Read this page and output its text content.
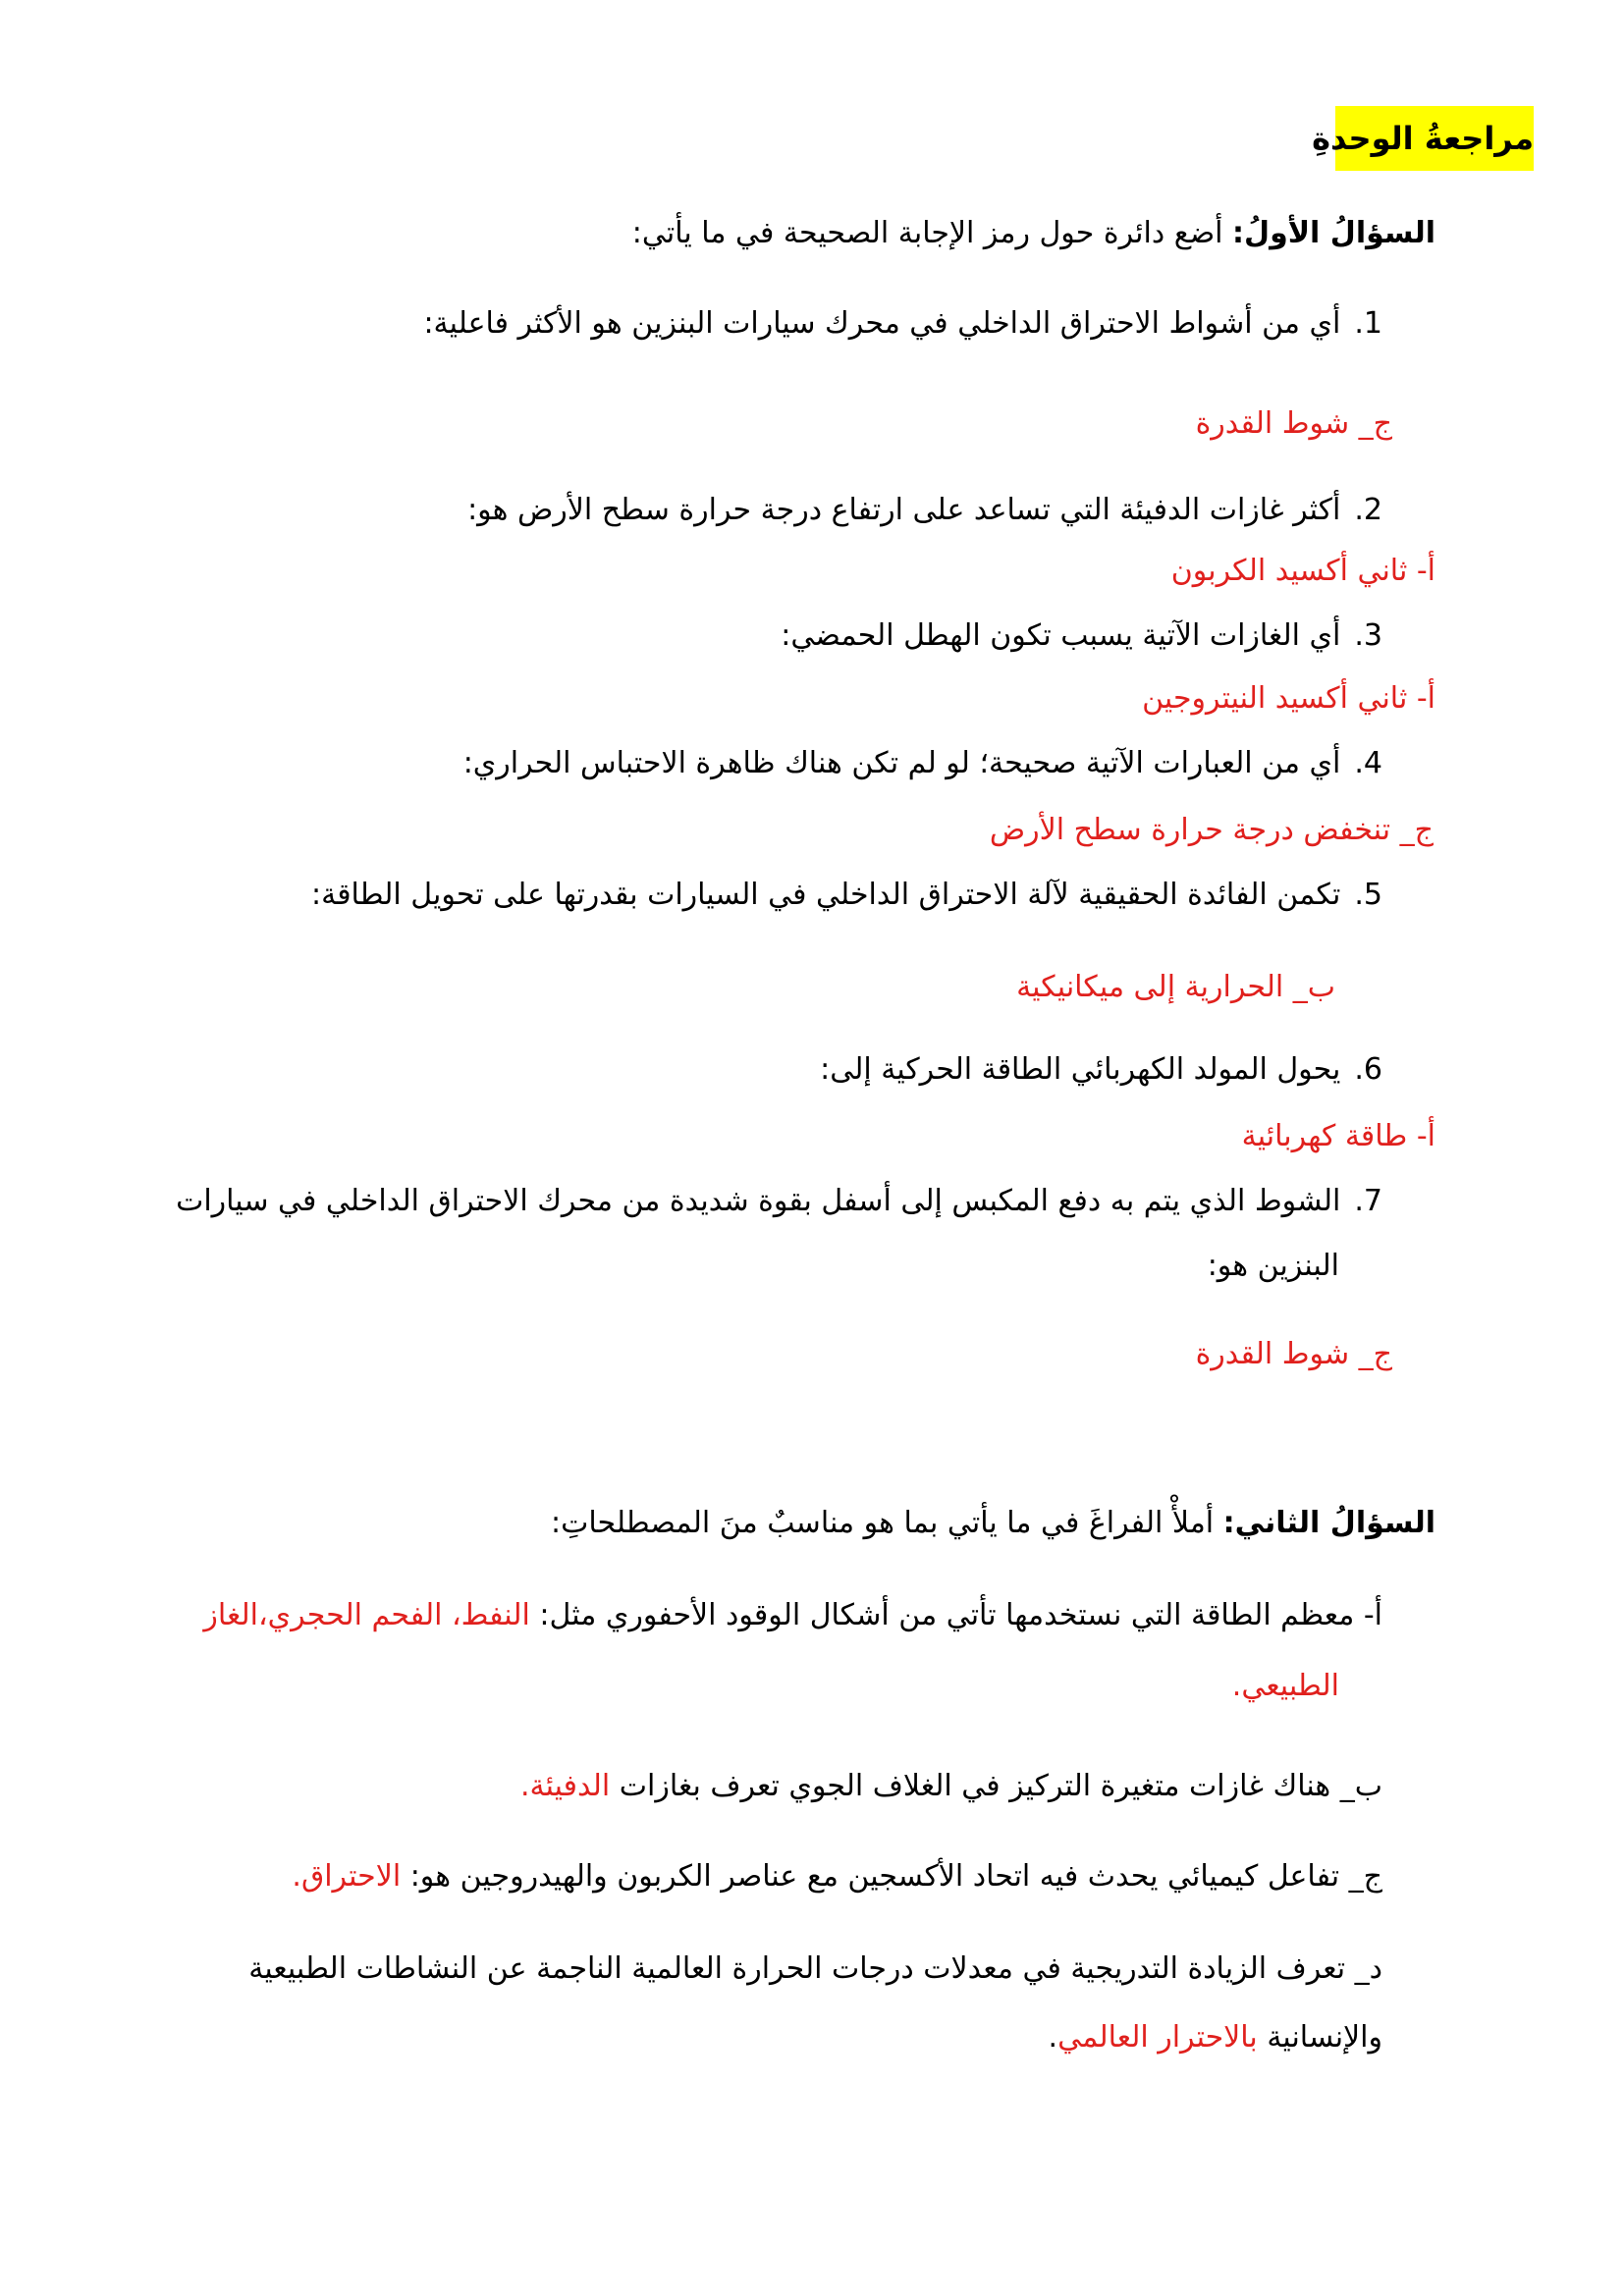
مراجعةُ الوحدةِ
السؤالُ الأولُ: أضع دائرة حول رمز الإجابة الصحيحة في ما يأتي:
1.أي من أشواط الاحتراق الداخلي في محرك سيارات البنزين هو الأكثر فاعلية:
ج_ شوط القدرة
2.أكثر غازات الدفيئة التي تساعد على ارتفاع درجة حرارة سطح الأرض هو:
أ- ثاني أكسيد الكربون
3.أي الغازات الآتية يسبب تكون الهطل الحمضي:
أ- ثاني أكسيد النيتروجين
4.أي من العبارات الآتية صحيحة؛ لو لم تكن هناك ظاهرة الاحتباس الحراري:
ج_ تنخفض درجة حرارة سطح الأرض
5.تكمن الفائدة الحقيقية لآلة الاحتراق الداخلي في السيارات بقدرتها على تحويل الطاقة:
ب_ الحرارية إلى ميكانيكية
6.يحول المولد الكهربائي الطاقة الحركية إلى:
أ- طاقة كهربائية
7.الشوط الذي يتم به دفع المكبس إلى أسفل بقوة شديدة من محرك الاحتراق الداخلي في سيارات
البنزين هو:
ج_ شوط القدرة
السؤالُ الثاني: أملأْ الفراغَ في ما يأتي بما هو مناسبٌ منَ المصطلحاتِ:
أ- معظم الطاقة التي نستخدمها تأتي من أشكال الوقود الأحفوري مثل: النفط، الفحم الحجري،الغاز
الطبيعي.
ب_ هناك غازات متغيرة التركيز في الغلاف الجوي تعرف بغازات الدفيئة.
ج_ تفاعل كيميائي يحدث فيه اتحاد الأكسجين مع عناصر الكربون والهيدروجين هو: الاحتراق.
د_ تعرف الزيادة التدريجية في معدلات درجات الحرارة العالمية الناجمة عن النشاطات الطبيعية
والإنسانية بالاحترار العالمي.
